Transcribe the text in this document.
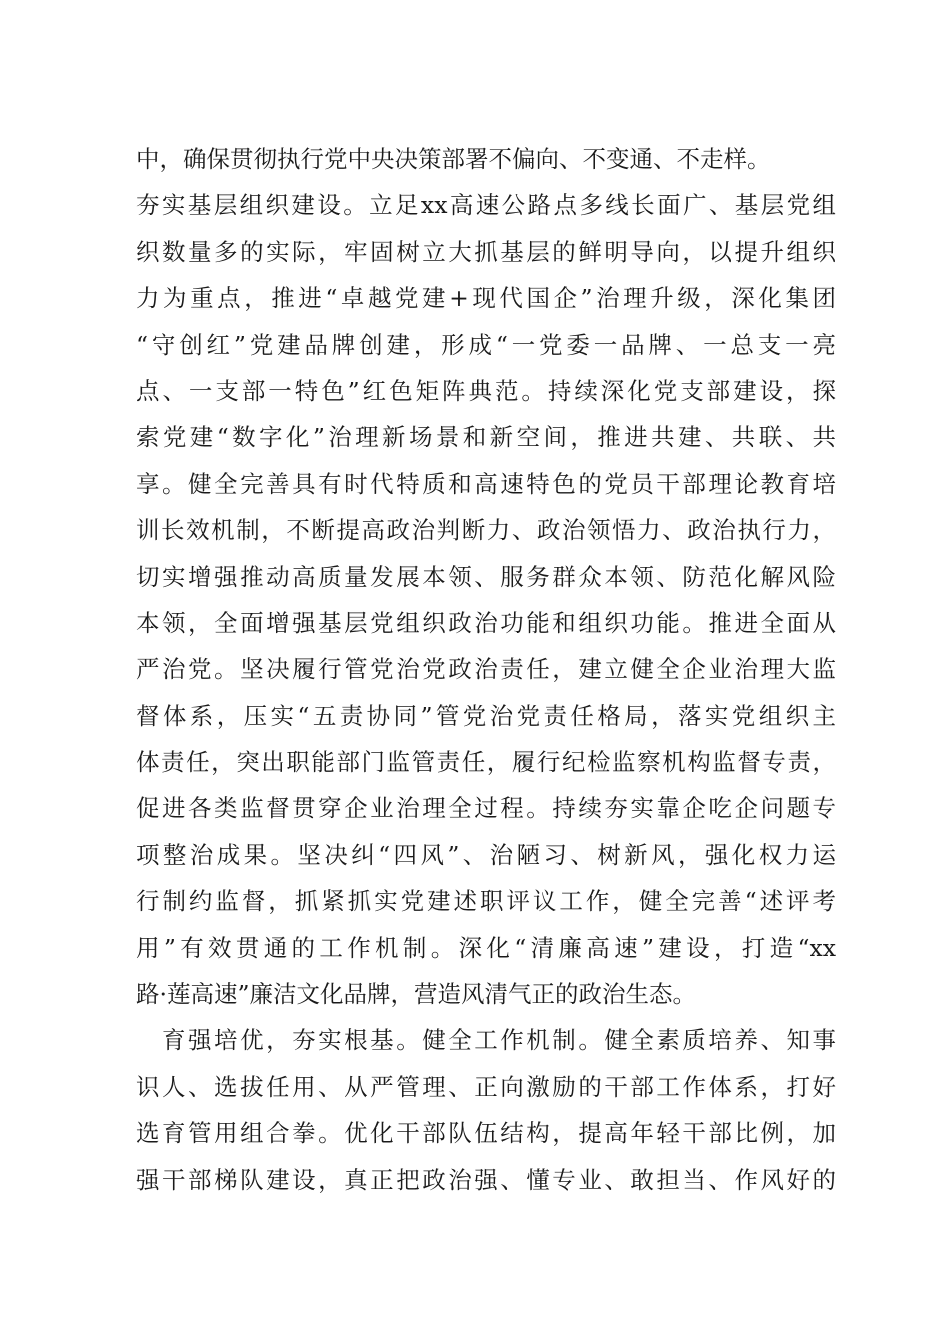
中，确保贯彻执行党中央决策部署不偏向、不变通、不走样。
夯实基层组织建设。立足xx高速公路点多线长面广、基层党组
织数量多的实际，牢固树立大抓基层的鲜明导向，以提升组织
力为重点，推进“卓越党建+现代国企”治理升级，深化集团
“守创红”党建品牌创建，形成“一党委一品牌、一总支一亮
点、一支部一特色”红色矩阵典范。持续深化党支部建设，探
索党建“数字化”治理新场景和新空间，推进共建、共联、共
享。健全完善具有时代特质和高速特色的党员干部理论教育培
训长效机制，不断提高政治判断力、政治领悟力、政治执行力，
切实增强推动高质量发展本领、服务群众本领、防范化解风险
本领，全面增强基层党组织政治功能和组织功能。推进全面从
严治党。坚决履行管党治党政治责任，建立健全企业治理大监
督体系，压实“五责协同”管党治党责任格局，落实党组织主
体责任，突出职能部门监管责任，履行纪检监察机构监督专责，
促进各类监督贯穿企业治理全过程。持续夯实靠企吃企问题专
项整治成果。坚决纠“四风”、治陋习、树新风，强化权力运
行制约监督，抓紧抓实党建述职评议工作，健全完善“述评考
用”有效贯通的工作机制。深化“清廉高速”建设，打造“xx
路·莲高速”廉洁文化品牌，营造风清气正的政治生态。
　育强培优，夯实根基。健全工作机制。健全素质培养、知事
识人、选拔任用、从严管理、正向激励的干部工作体系，打好
选育管用组合拳。优化干部队伍结构，提高年轻干部比例，加
强干部梯队建设，真正把政治强、懂专业、敢担当、作风好的
